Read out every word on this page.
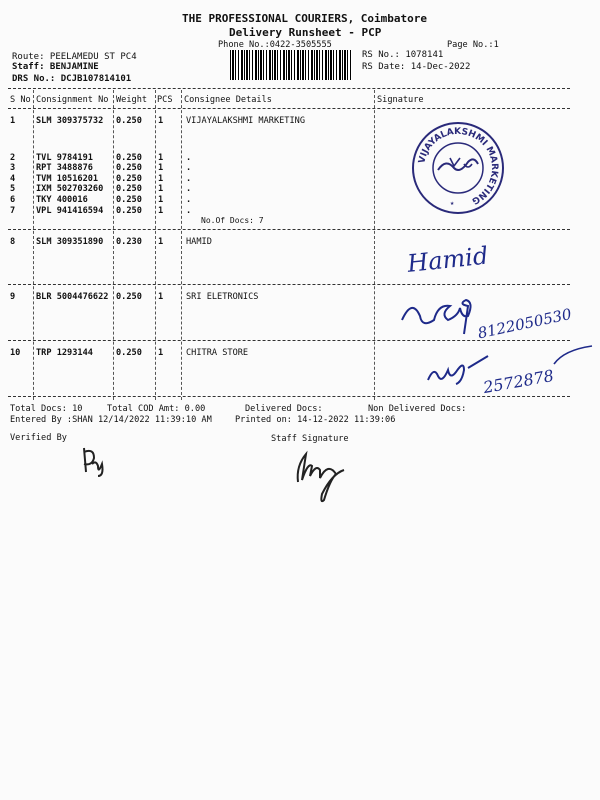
THE PROFESSIONAL COURIERS, Coimbatore
Delivery Runsheet - PCP
Phone No.:0422-3505555	Page No.:1
Route: PEELAMEDU ST PC4
Staff: BENJAMINE
DRS No.: DCJB107814101
RS No.: 1078141
RS Date: 14-Dec-2022
S No Consignment No Weight PCS Consignee Details	Signature
1 SLM 309375732 0.250 1	VIJAYALAKSHMI MARKETING
2 TVL 9784191	0.250 1	.
3 RPT 3488876	0.250 1	.
4 TVM 10516201 0.250 1	.
5 IXM 502703260 0.250 1	.
6 TKY 400016	0.250 1	.
7 VPL 941416594 0.250 1	.
No.Of Docs: 7
8 SLM 309351890 0.230 1	HAMID
9 BLR 5004476622 0.250 1	SRI ELETRONICS
10 TRP 1293144	0.250 1	CHITRA STORE
VIJAYALAKSHMI MARKETING
★
Hamid
8122050530
2572878
Total Docs: 10	Total COD Amt: 0.00	Delivered Docs:	Non Delivered Docs:
Entered By :SHAN 12/14/2022 11:39:10 AM	Printed on: 14-12-2022 11:39:06
Verified By	Staff Signature
